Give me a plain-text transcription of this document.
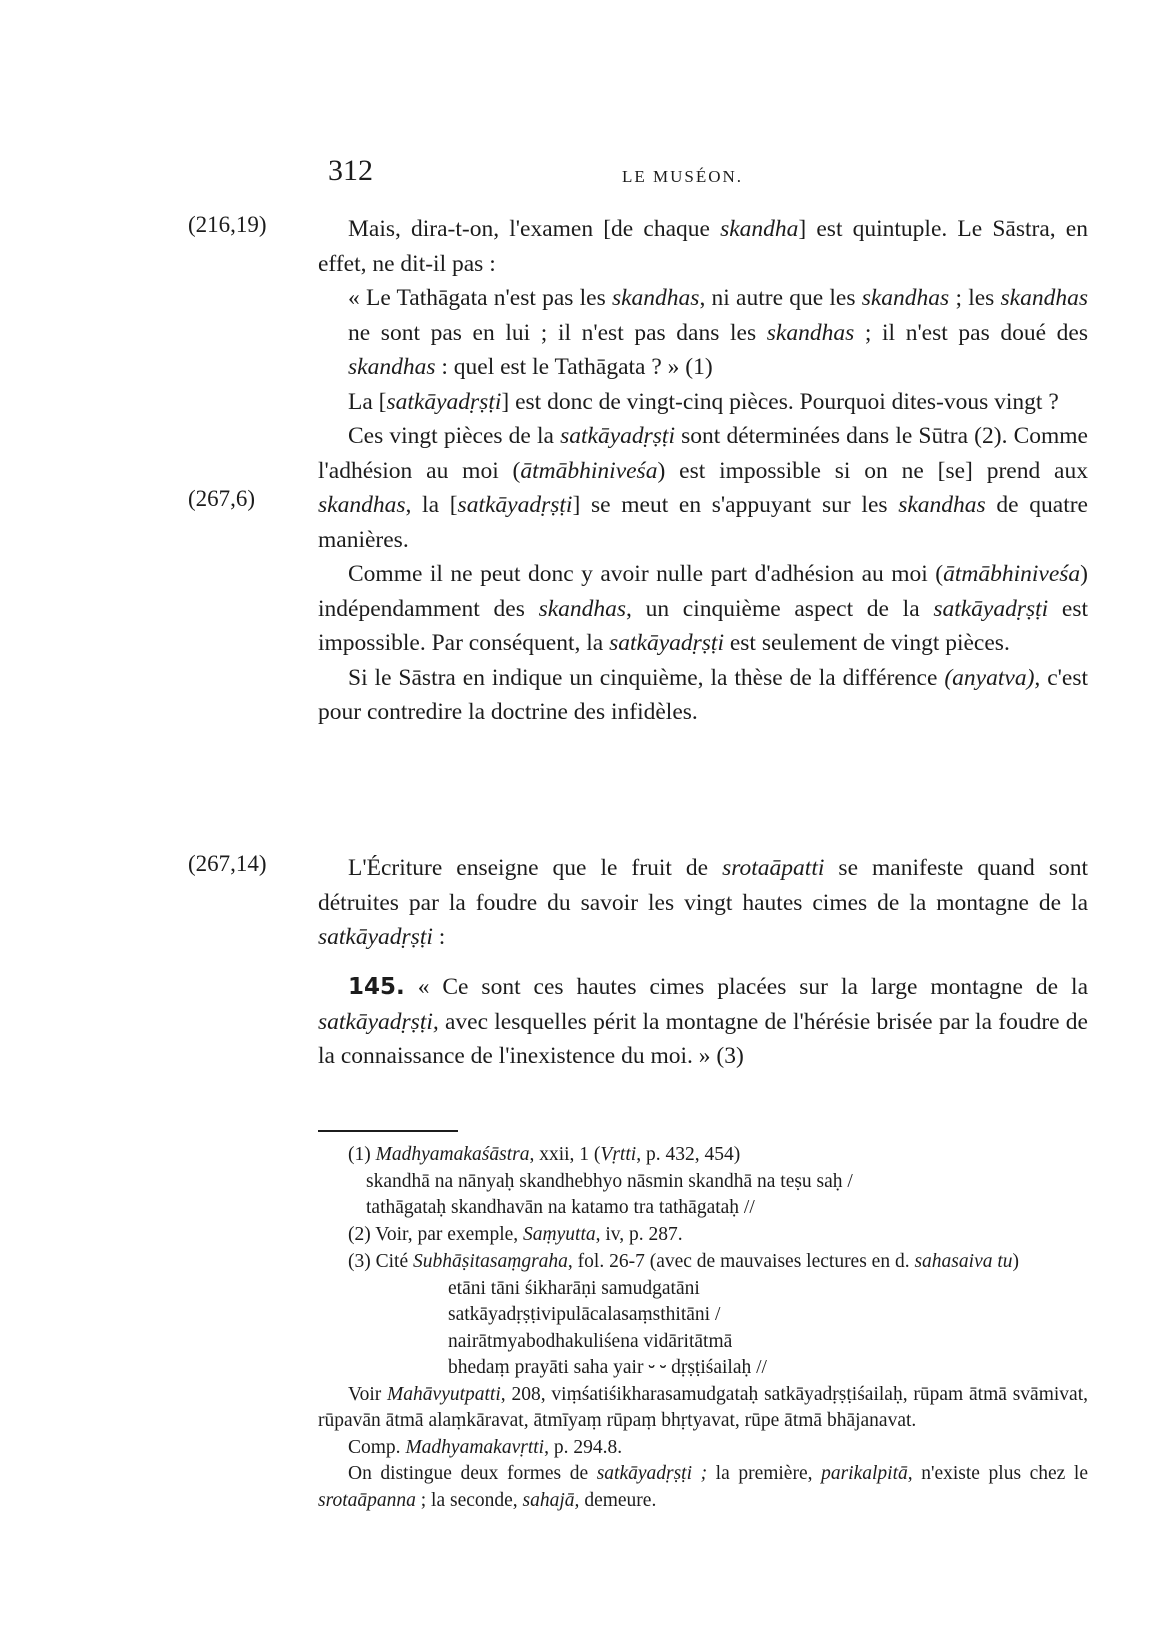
312	LE MUSÉON.
(216,19)
(267,6)
(267,14)
Mais, dira-t-on, l'examen [de chaque skandha] est quintuple. Le Sāstra, en effet, ne dit-il pas :
« Le Tathāgata n'est pas les skandhas, ni autre que les skandhas ; les skandhas ne sont pas en lui ; il n'est pas dans les skandhas ; il n'est pas doué des skandhas : quel est le Tathāgata ? » (1)
La [satkāyadṛṣṭi] est donc de vingt-cinq pièces. Pourquoi dites-vous vingt ?
Ces vingt pièces de la satkāyadṛṣṭi sont déterminées dans le Sūtra (2). Comme l'adhésion au moi (ātmābhiniveśa) est impossible si on ne [se] prend aux skandhas, la [satkāyadṛṣṭi] se meut en s'appuyant sur les skandhas de quatre manières.
Comme il ne peut donc y avoir nulle part d'adhésion au moi (ātmābhiniveśa) indépendamment des skandhas, un cinquième aspect de la satkāyadṛṣṭi est impossible. Par conséquent, la satkāyadṛṣṭi est seulement de vingt pièces.
Si le Sāstra en indique un cinquième, la thèse de la différence (anyatva), c'est pour contredire la doctrine des infidèles.
L'Écriture enseigne que le fruit de srotaāpatti se manifeste quand sont détruites par la foudre du savoir les vingt hautes cimes de la montagne de la satkāyadṛṣṭi :
145. « Ce sont ces hautes cimes placées sur la large montagne de la satkāyadṛṣṭi, avec lesquelles périt la montagne de l'hérésie brisée par la foudre de la connaissance de l'inexistence du moi. » (3)
(1) Madhyamakaśāstra, xxii, 1 (Vṛtti, p. 432, 454)
skandhā na nānyaḥ skandhebhyo nāsmin skandhā na teṣu saḥ /
tathāgataḥ skandhavān na katamo tra tathāgataḥ //
(2) Voir, par exemple, Saṃyutta, iv, p. 287.
(3) Cité Subhāṣitasaṃgraha, fol. 26-7 (avec de mauvaises lectures en d. sahasaiva tu)
etāni tāni śikharāṇi samudgatāni
satkāyadṛṣṭivipulācalasaṃsthitāni /
nairātmyabodhakuliśena vidāritātmā
bhedaṃ prayāti saha yair ⏑ ⏑ dṛṣṭiśailaḥ //
Voir Mahāvyutpatti, 208, viṃśatiśikharasamudgataḥ satkāyadṛṣṭiśailaḥ, rūpam ātmā svāmivat, rūpavān ātmā alaṃkāravat, ātmīyaṃ rūpaṃ bhṛtyavat, rūpe ātmā bhājanavat.
Comp. Madhyamakavṛtti, p. 294.8.
On distingue deux formes de satkāyadṛṣṭi ; la première, parikalpitā, n'existe plus chez le srotaāpanna ; la seconde, sahajā, demeure.
